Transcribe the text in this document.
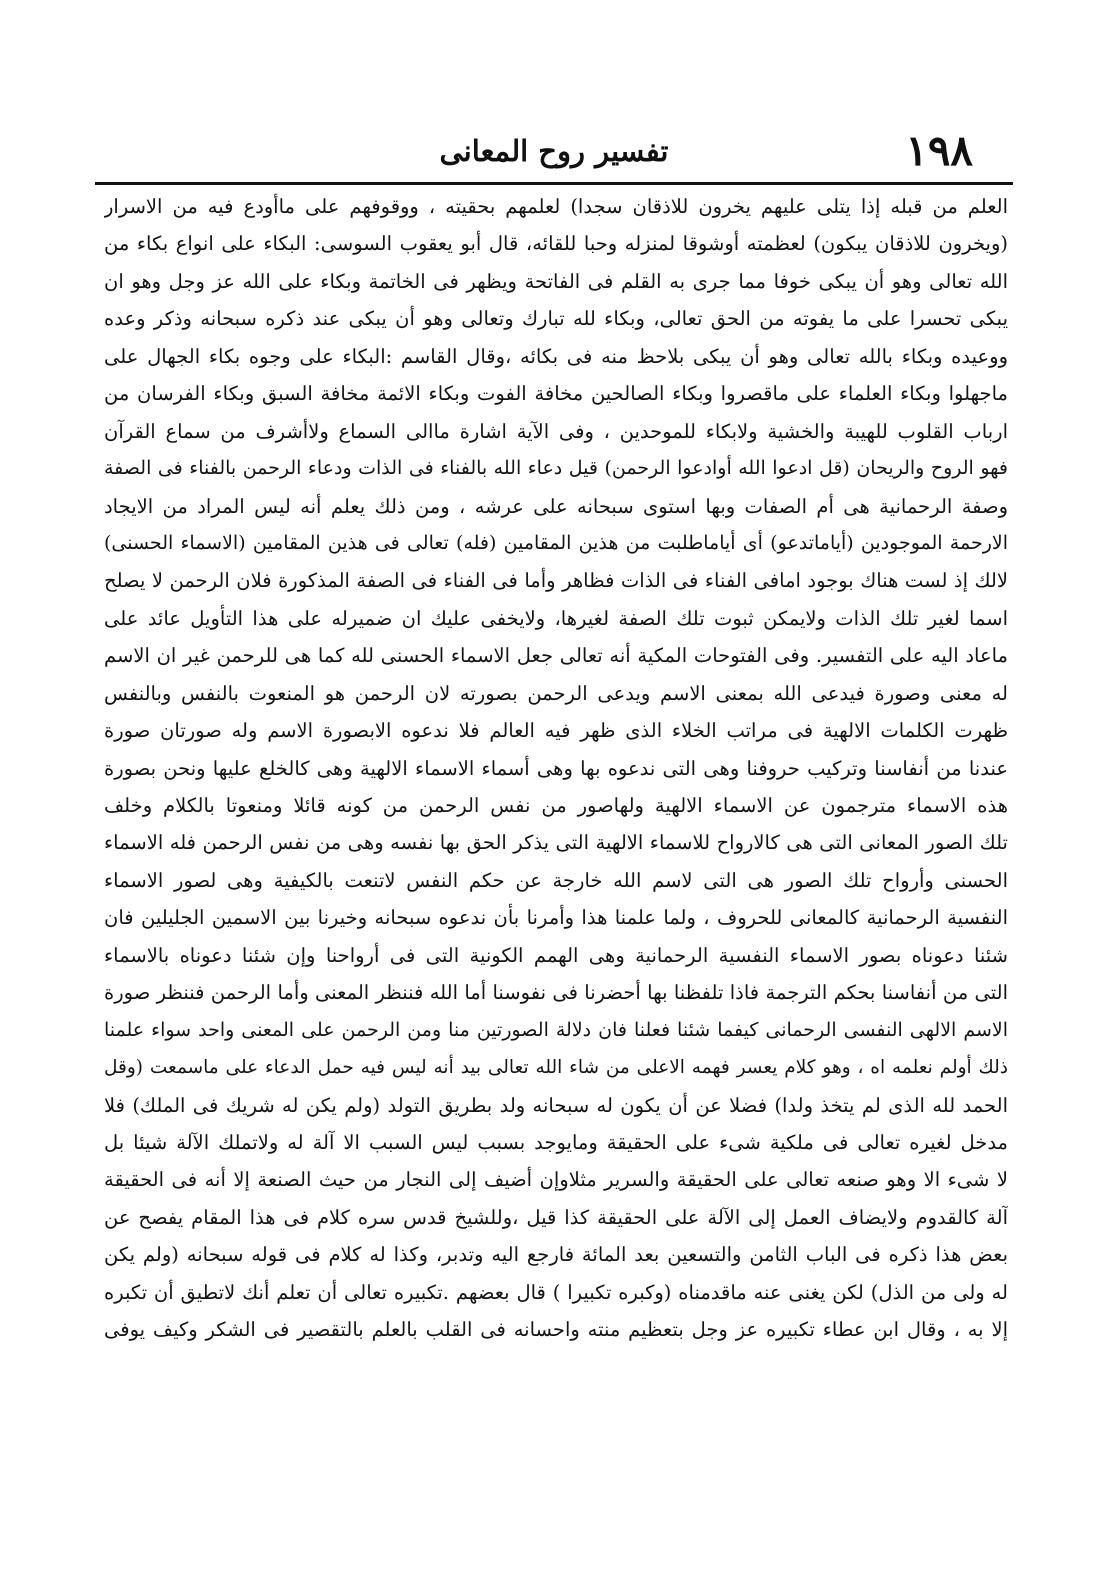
١٩٨
تفسير روح المعانى
العلم من قبله إذا يتلى عليهم يخرون للاذقان سجدا) لعلمهم بحقيته ، ووقوفهم على ماأودع فيه من الاسرار
(ويخرون للاذقان يبكون) لعظمته أوشوقا لمنزله وحبا للقائه، قال أبو يعقوب السوسى: البكاء على انواع بكاء من
الله تعالى وهو أن يبكى خوفا مما جرى به القلم فى الفاتحة ويظهر فى الخاتمة وبكاء على الله عز وجل وهو ان
يبكى تحسرا على ما يفوته من الحق تعالى، وبكاء لله تبارك وتعالى وهو أن يبكى عند ذكره سبحانه وذكر وعده
ووعيده وبكاء بالله تعالى وهو أن يبكى بلاحظ منه فى بكائه ،وقال القاسم :البكاء على وجوه بكاء الجهال على
ماجهلوا وبكاء العلماء على ماقصروا وبكاء الصالحين مخافة الفوت وبكاء الائمة مخافة السبق وبكاء الفرسان من
ارباب القلوب للهيبة والخشية ولابكاء للموحدين ، وفى الآية اشارة ماالى السماع ولاأشرف من سماع القرآن
فهو الروح والريحان (قل ادعوا الله أوادعوا الرحمن) قيل دعاء الله بالفناء فى الذات ودعاء الرحمن بالفناء فى الصفة
وصفة الرحمانية هى أم الصفات وبها استوى سبحانه على عرشه ، ومن ذلك يعلم أنه ليس المراد من الايجاد
الارحمة الموجودين (أياماتدعو) أى أياماطلبت من هذين المقامين (فله) تعالى فى هذين المقامين (الاسماء الحسنى)
لالك إذ لست هناك بوجود امافى الفناء فى الذات فظاهر وأما فى الفناء فى الصفة المذكورة فلان الرحمن لا يصلح
اسما لغير تلك الذات ولايمكن ثبوت تلك الصفة لغيرها، ولايخفى عليك ان ضميرله على هذا التأويل عائد على
ماعاد اليه على التفسير. وفى الفتوحات المكية أنه تعالى جعل الاسماء الحسنى لله كما هى للرحمن غير ان الاسم
له معنى وصورة فيدعى الله بمعنى الاسم ويدعى الرحمن بصورته لان الرحمن هو المنعوت بالنفس وبالنفس
ظهرت الكلمات الالهية فى مراتب الخلاء الذى ظهر فيه العالم فلا ندعوه الابصورة الاسم وله صورتان صورة
عندنا من أنفاسنا وتركيب حروفنا وهى التى ندعوه بها وهى أسماء الاسماء الالهية وهى كالخلع عليها ونحن بصورة
هذه الاسماء مترجمون عن الاسماء الالهية ولهاصور من نفس الرحمن من كونه قائلا ومنعوتا بالكلام وخلف
تلك الصور المعانى التى هى كالارواح للاسماء الالهية التى يذكر الحق بها نفسه وهى من نفس الرحمن فله الاسماء
الحسنى وأرواح تلك الصور هى التى لاسم الله خارجة عن حكم النفس لاتنعت بالكيفية وهى لصور الاسماء
النفسية الرحمانية كالمعانى للحروف ، ولما علمنا هذا وأمرنا بأن ندعوه سبحانه وخيرنا بين الاسمين الجليلين فان
شئنا دعوناه بصور الاسماء النفسية الرحمانية وهى الهمم الكونية التى فى أرواحنا وإن شئنا دعوناه بالاسماء
التى من أنفاسنا بحكم الترجمة فاذا تلفظنا بها أحضرنا فى نفوسنا أما الله فننظر المعنى وأما الرحمن فننظر صورة
الاسم الالهى النفسى الرحمانى كيفما شئنا فعلنا فان دلالة الصورتين منا ومن الرحمن على المعنى واحد سواء علمنا
ذلك أولم نعلمه اه ، وهو كلام يعسر فهمه الاعلى من شاء الله تعالى بيد أنه ليس فيه حمل الدعاء على ماسمعت (وقل
الحمد لله الذى لم يتخذ ولدا) فضلا عن أن يكون له سبحانه ولد بطريق التولد (ولم يكن له شريك فى الملك) فلا
مدخل لغيره تعالى فى ملكية شىء على الحقيقة ومايوجد بسبب ليس السبب الا آلة له ولاتملك الآلة شيئا بل
لا شىء الا وهو صنعه تعالى على الحقيقة والسرير مثلاوإن أضيف إلى النجار من حيث الصنعة إلا أنه فى الحقيقة
آلة كالقدوم ولايضاف العمل إلى الآلة على الحقيقة كذا قيل ،وللشيخ قدس سره كلام فى هذا المقام يفصح عن
بعض هذا ذكره فى الباب الثامن والتسعين بعد المائة فارجع اليه وتدبر، وكذا له كلام فى قوله سبحانه (ولم يكن
له ولى من الذل) لكن يغنى عنه ماقدمناه (وكبره تكبيرا ) قال بعضهم .تكبيره تعالى أن تعلم أنك لاتطيق أن تكبره
إلا به ، وقال ابن عطاء تكبيره عز وجل بتعظيم منته واحسانه فى القلب بالعلم بالتقصير فى الشكر وكيف يوفى
